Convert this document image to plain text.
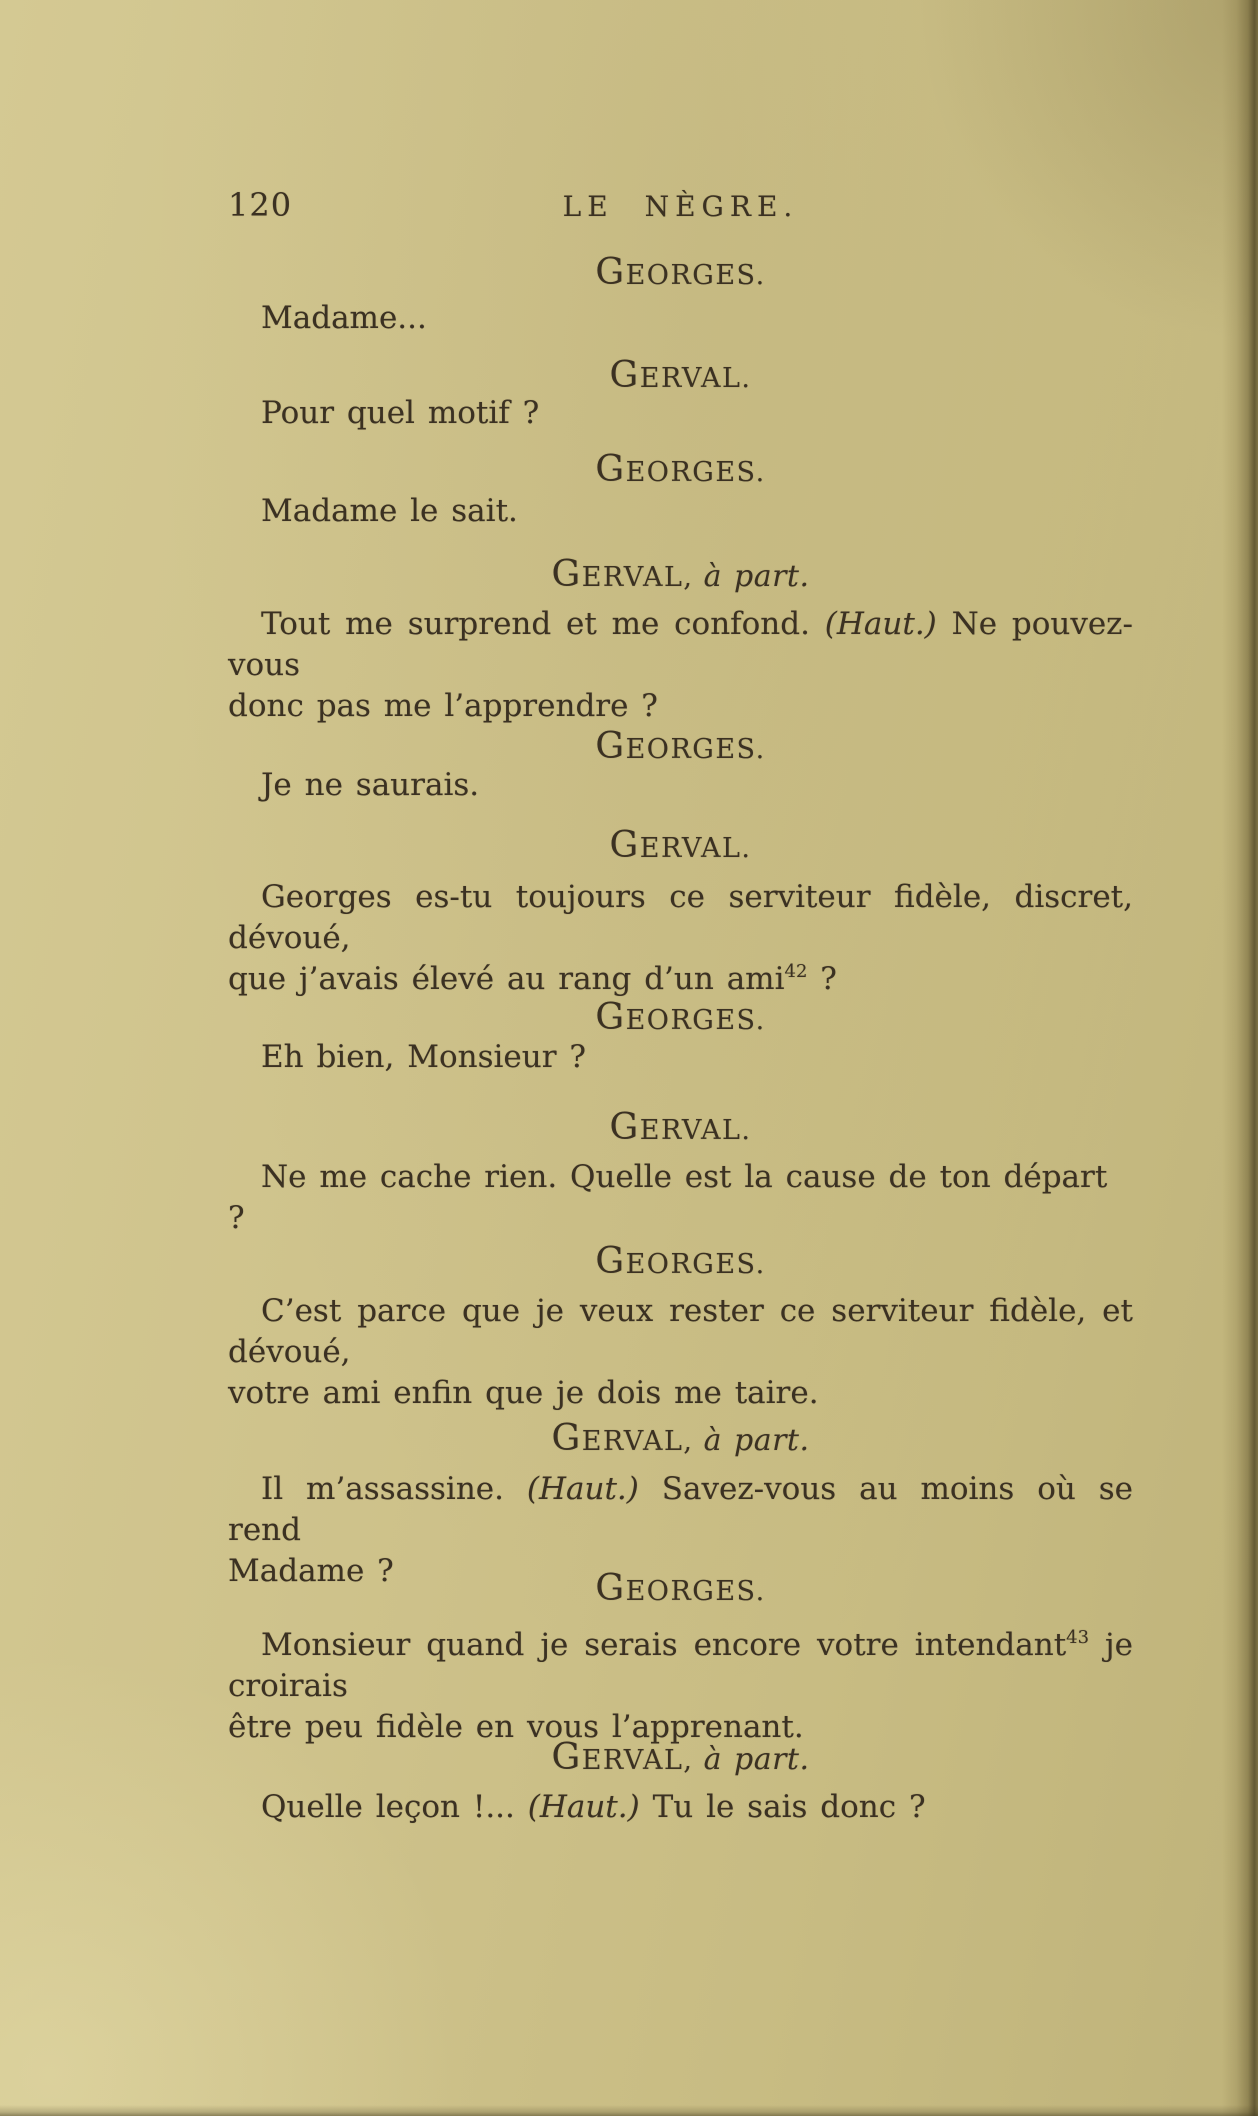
120	LE NÈGRE.
GEORGES.
Madame...
GERVAL.
Pour quel motif ?
GEORGES.
Madame le sait.
GERVAL, à part.
Tout me surprend et me confond. (Haut.) Ne pouvez-vous
donc pas me l’apprendre ?
GEORGES.
Je ne saurais.
GERVAL.
Georges es-tu toujours ce serviteur fidèle, discret, dévoué,
que j’avais élevé au rang d’un ami$^{42}$ ?
GEORGES.
Eh bien, Monsieur ?
GERVAL.
Ne me cache rien. Quelle est la cause de ton départ ?
GEORGES.
C’est parce que je veux rester ce serviteur fidèle, et dévoué,
votre ami enfin que je dois me taire.
GERVAL, à part.
Il m’assassine. (Haut.) Savez-vous au moins où se rend
Madame ?	GEORGES.
Monsieur quand je serais encore votre intendant$^{43}$ je croirais
être peu fidèle en vous l’apprenant.
GERVAL, à part.
Quelle leçon !... (Haut.) Tu le sais donc ?
